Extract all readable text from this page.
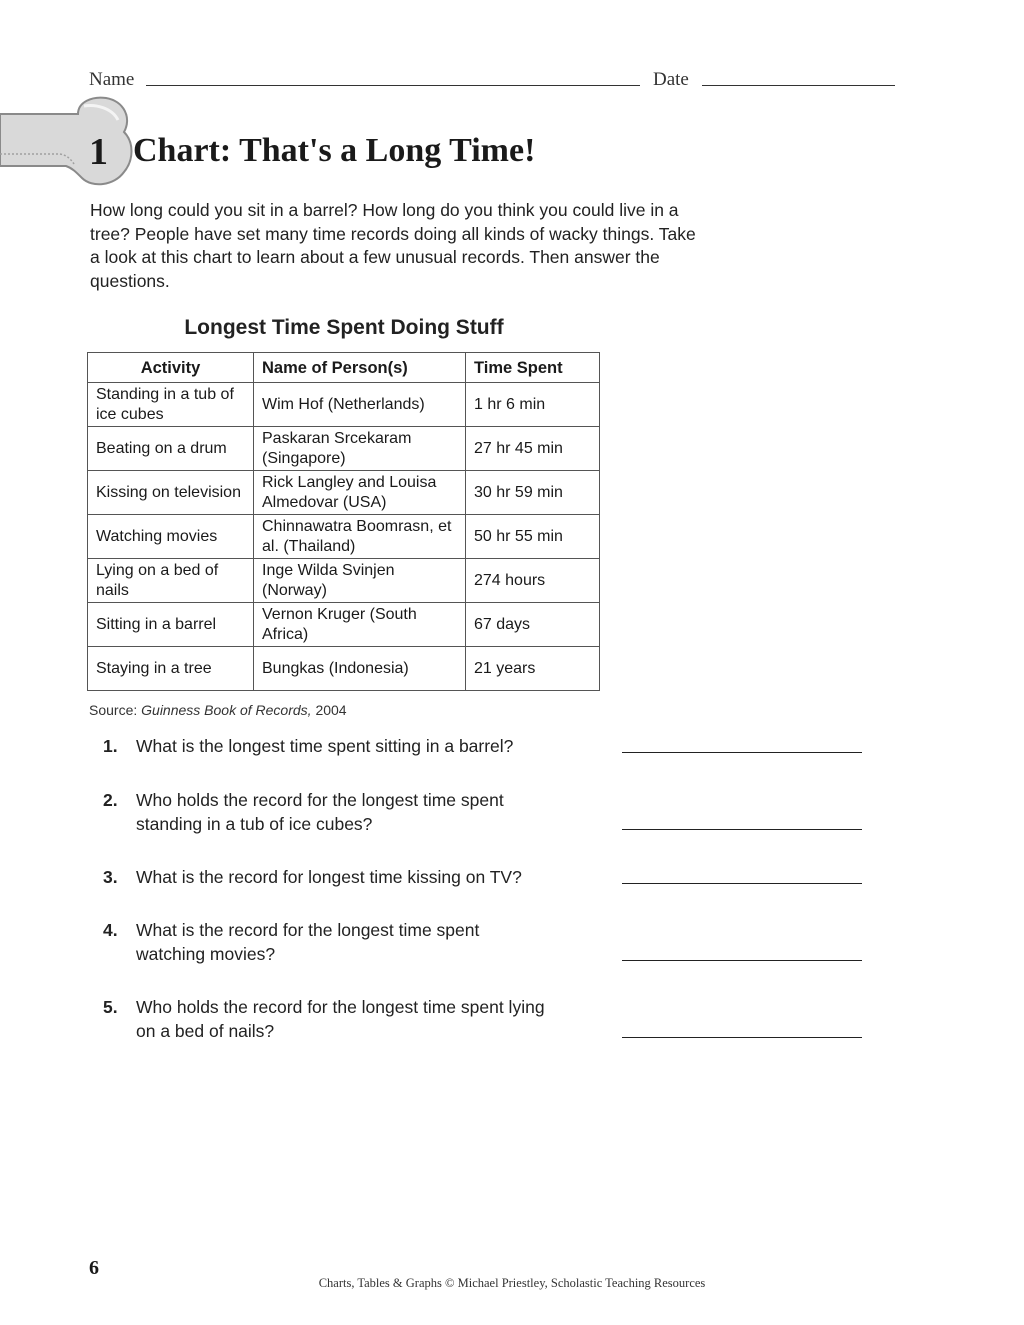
Name	Date
1 Chart: That's a Long Time!
How long could you sit in a barrel? How long do you think you could live in a tree? People have set many time records doing all kinds of wacky things. Take a look at this chart to learn about a few unusual records. Then answer the questions.
Longest Time Spent Doing Stuff
Activity	Name of Person(s)	Time Spent
Standing in a tub of ice cubes	Wim Hof (Netherlands)	1 hr 6 min
Beating on a drum	Paskaran Srcekaram (Singapore)	27 hr 45 min
Kissing on television	Rick Langley and Louisa Almedovar (USA)	30 hr 59 min
Watching movies	Chinnawatra Boomrasn, et al. (Thailand)	50 hr 55 min
Lying on a bed of nails	Inge Wilda Svinjen (Norway)	274 hours
Sitting in a barrel	Vernon Kruger (South Africa)	67 days
Staying in a tree	Bungkas (Indonesia)	21 years
Source: Guinness Book of Records, 2004
1. What is the longest time spent sitting in a barrel?
2. Who holds the record for the longest time spent standing in a tub of ice cubes?
3. What is the record for longest time kissing on TV?
4. What is the record for the longest time spent watching movies?
5. Who holds the record for the longest time spent lying on a bed of nails?
6
Charts, Tables & Graphs © Michael Priestley, Scholastic Teaching Resources
